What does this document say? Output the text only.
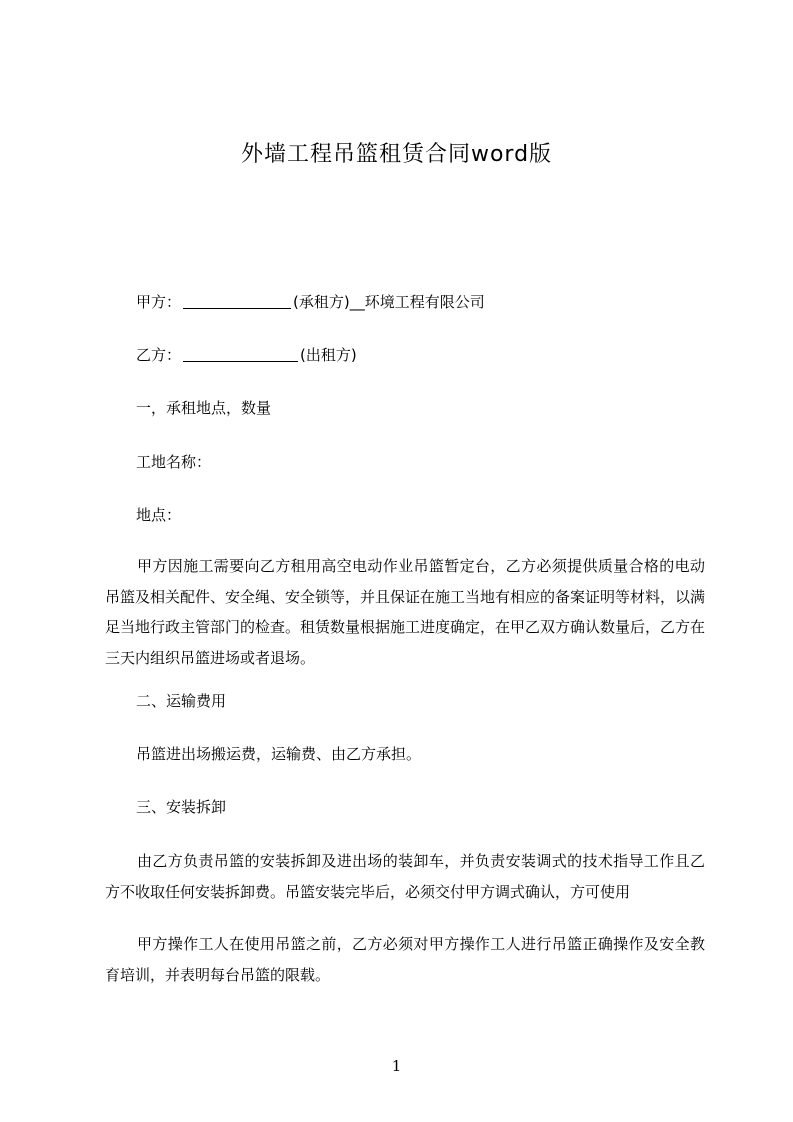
外墙工程吊篮租赁合同word版
甲方：	(承租方)__环境工程有限公司
乙方：	(出租方)
一，承租地点，数量
工地名称：
地点：

甲方因施工需要向乙方租用高空电动作业吊篮暂定台，乙方必须提供质量合格的电动吊篮及相关配件、安全绳、安全锁等，并且保证在施工当地有相应的备案证明等材料，以满足当地行政主管部门的检查。租赁数量根据施工进度确定，在甲乙双方确认数量后，乙方在三天内组织吊篮进场或者退场。

二、运输费用
吊篮进出场搬运费，运输费、由乙方承担。
三、安装拆卸

由乙方负责吊篮的安装拆卸及进出场的装卸车，并负责安装调式的技术指导工作且乙方不收取任何安装拆卸费。吊篮安装完毕后，必须交付甲方调式确认，方可使用

甲方操作工人在使用吊篮之前，乙方必须对甲方操作工人进行吊篮正确操作及安全教育培训，并表明每台吊篮的限载。

1
